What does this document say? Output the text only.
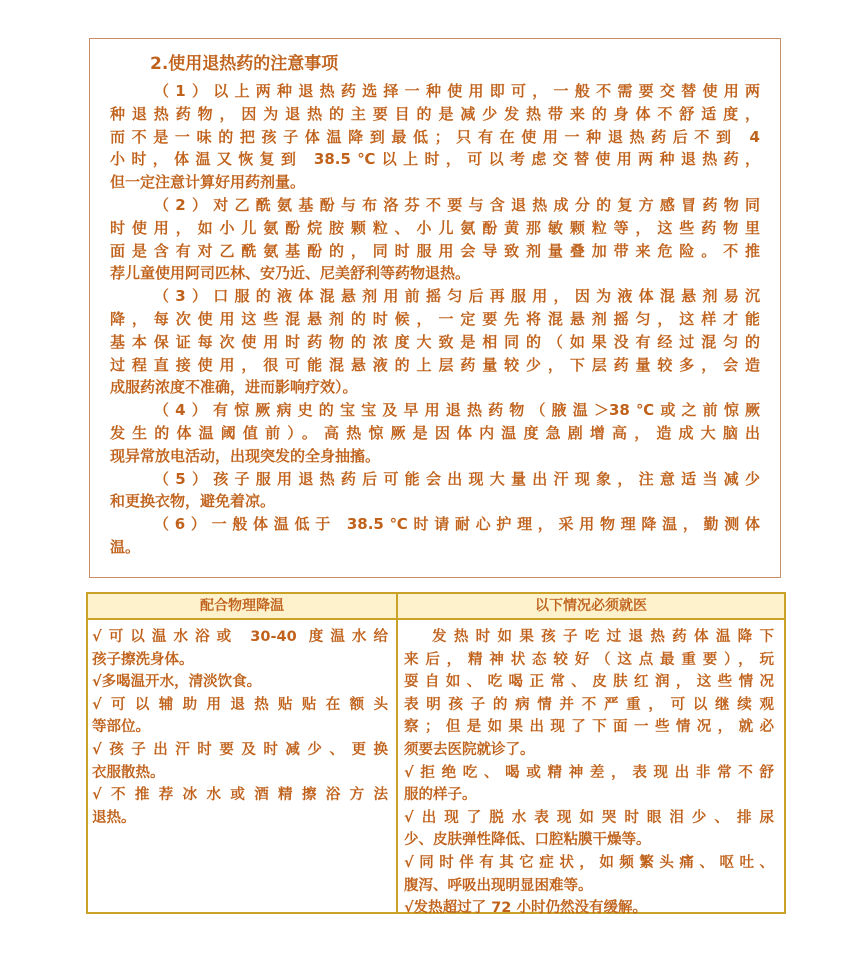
2.使用退热药的注意事项
（1）以上两种退热药选择一种使用即可，一般不需要交替使用两
种退热药物，因为退热的主要目的是减少发热带来的身体不舒适度，
而不是一味的把孩子体温降到最低；只有在使用一种退热药后不到 4
小时，体温又恢复到 38.5℃以上时，可以考虑交替使用两种退热药，
但一定注意计算好用药剂量。
（2）对乙酰氨基酚与布洛芬不要与含退热成分的复方感冒药物同
时使用，如小儿氨酚烷胺颗粒、小儿氨酚黄那敏颗粒等，这些药物里
面是含有对乙酰氨基酚的，同时服用会导致剂量叠加带来危险。不推
荐儿童使用阿司匹林、安乃近、尼美舒利等药物退热。
（3）口服的液体混悬剂用前摇匀后再服用，因为液体混悬剂易沉
降，每次使用这些混悬剂的时候，一定要先将混悬剂摇匀，这样才能
基本保证每次使用时药物的浓度大致是相同的（如果没有经过混匀的
过程直接使用，很可能混悬液的上层药量较少，下层药量较多，会造
成服药浓度不准确，进而影响疗效）。
（4）有惊厥病史的宝宝及早用退热药物（腋温＞38℃或之前惊厥
发生的体温阈值前）。高热惊厥是因体内温度急剧增高，造成大脑出
现异常放电活动，出现突发的全身抽搐。
（5）孩子服用退热药后可能会出现大量出汗现象，注意适当减少
和更换衣物，避免着凉。
（6）一般体温低于 38.5℃时请耐心护理，采用物理降温，勤测体
温。
配合物理降温	以下情况必须就医
√可以温水浴或 30-40 度温水给
孩子擦洗身体。
√多喝温开水，清淡饮食。
√可以辅助用退热贴贴在额头
等部位。
√孩子出汗时要及时减少、更换
衣服散热。
√不推荐冰水或酒精擦浴方法
退热。
发热时如果孩子吃过退热药体温降下
来后，精神状态较好（这点最重要），玩
耍自如、吃喝正常、皮肤红润，这些情况
表明孩子的病情并不严重，可以继续观
察；但是如果出现了下面一些情况，就必
须要去医院就诊了。
√拒绝吃、喝或精神差，表现出非常不舒
服的样子。
√出现了脱水表现如哭时眼泪少、排尿
少、皮肤弹性降低、口腔粘膜干燥等。
√同时伴有其它症状，如频繁头痛、呕吐、
腹泻、呼吸出现明显困难等。
√发热超过了 72 小时仍然没有缓解。
